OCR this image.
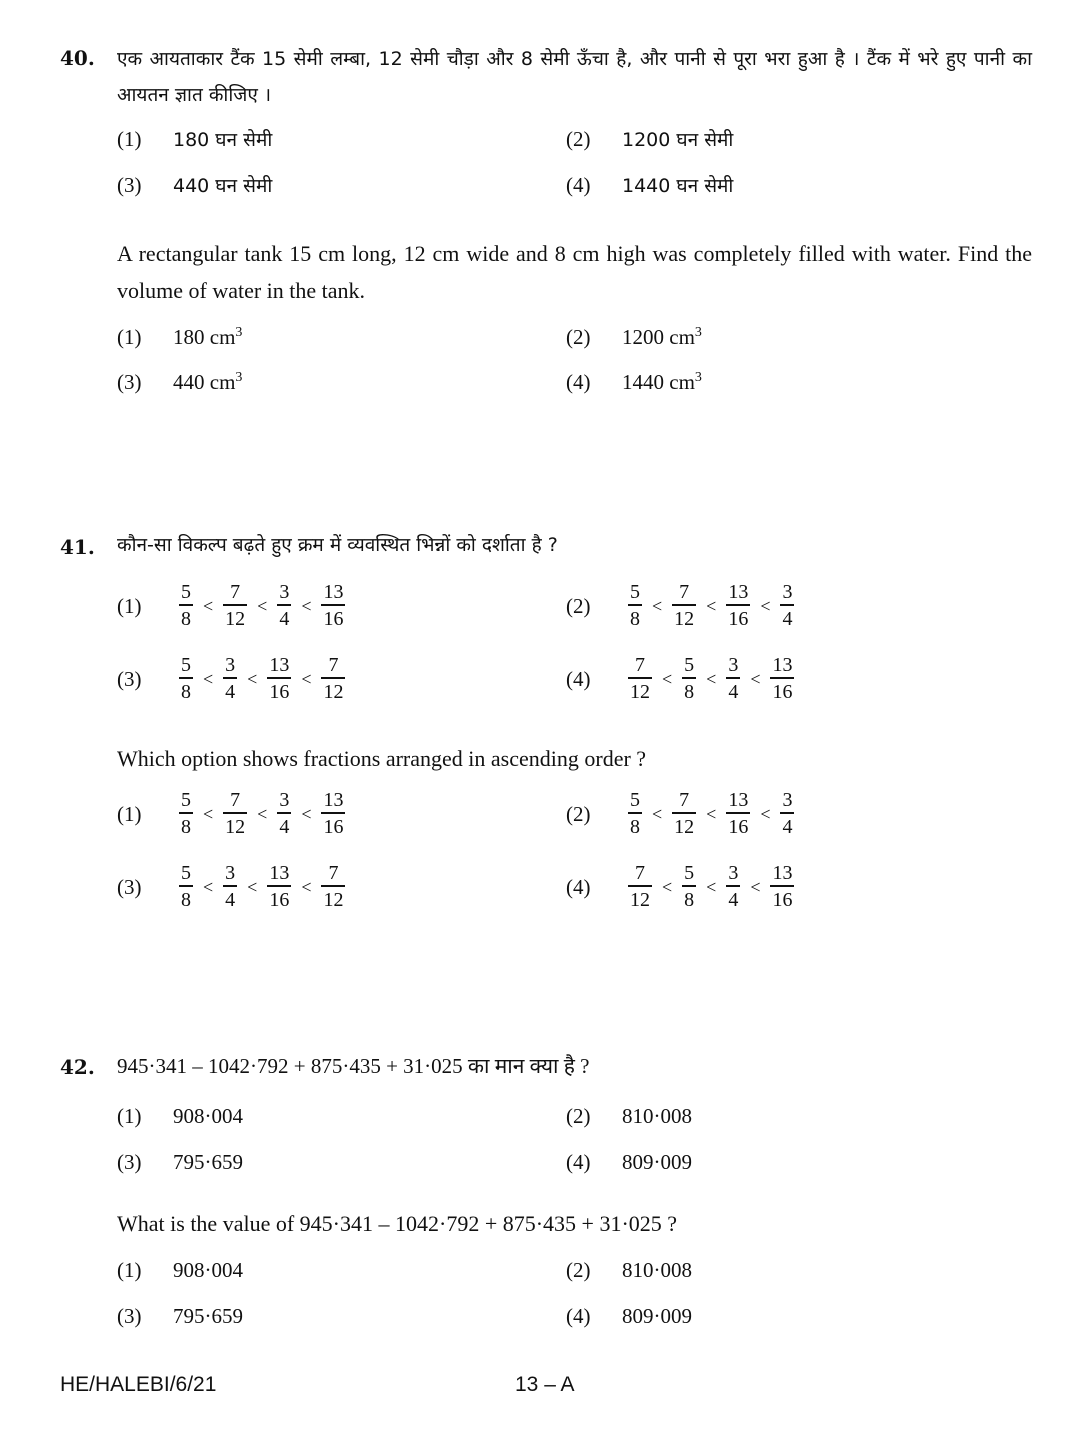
40. एक आयताकार टैंक 15 सेमी लम्बा, 12 सेमी चौड़ा और 8 सेमी ऊँचा है, और पानी से पूरा भरा हुआ है । टैंक में भरे हुए पानी का आयतन ज्ञात कीजिए ।
(1)	180 घन सेमी	(2)	1200 घन सेमी
(3)	440 घन सेमी	(4)	1440 घन सेमी
A rectangular tank 15 cm long, 12 cm wide and 8 cm high was completely filled with water. Find the volume of water in the tank.
(1)	180 $cm^3$	(2)	1200 $cm^3$
(3)	440 $cm^3$	(4)	1440 $cm^3$
41. कौन-सा विकल्प बढ़ते हुए क्रम में व्यवस्थित भिन्नों को दर्शाता है ?
(1)	$\frac{5}{8} < \frac{7}{12} < \frac{3}{4} < \frac{13}{16}$	(2)	$\frac{5}{8} < \frac{7}{12} < \frac{13}{16} < \frac{3}{4}$
(3)	$\frac{5}{8} < \frac{3}{4} < \frac{13}{16} < \frac{7}{12}$	(4)	$\frac{7}{12} < \frac{5}{8} < \frac{3}{4} < \frac{13}{16}$
Which option shows fractions arranged in ascending order ?
(1)	$\frac{5}{8} < \frac{7}{12} < \frac{3}{4} < \frac{13}{16}$	(2)	$\frac{5}{8} < \frac{7}{12} < \frac{13}{16} < \frac{3}{4}$
(3)	$\frac{5}{8} < \frac{3}{4} < \frac{13}{16} < \frac{7}{12}$	(4)	$\frac{7}{12} < \frac{5}{8} < \frac{3}{4} < \frac{13}{16}$
42. 945·341 – 1042·792 + 875·435 + 31·025 का मान क्या है ?
(1)	908·004	(2)	810·008
(3)	795·659	(4)	809·009
What is the value of 945·341 – 1042·792 + 875·435 + 31·025 ?
(1)	908·004	(2)	810·008
(3)	795·659	(4)	809·009
HE/HALEBI/6/21	13 – A
